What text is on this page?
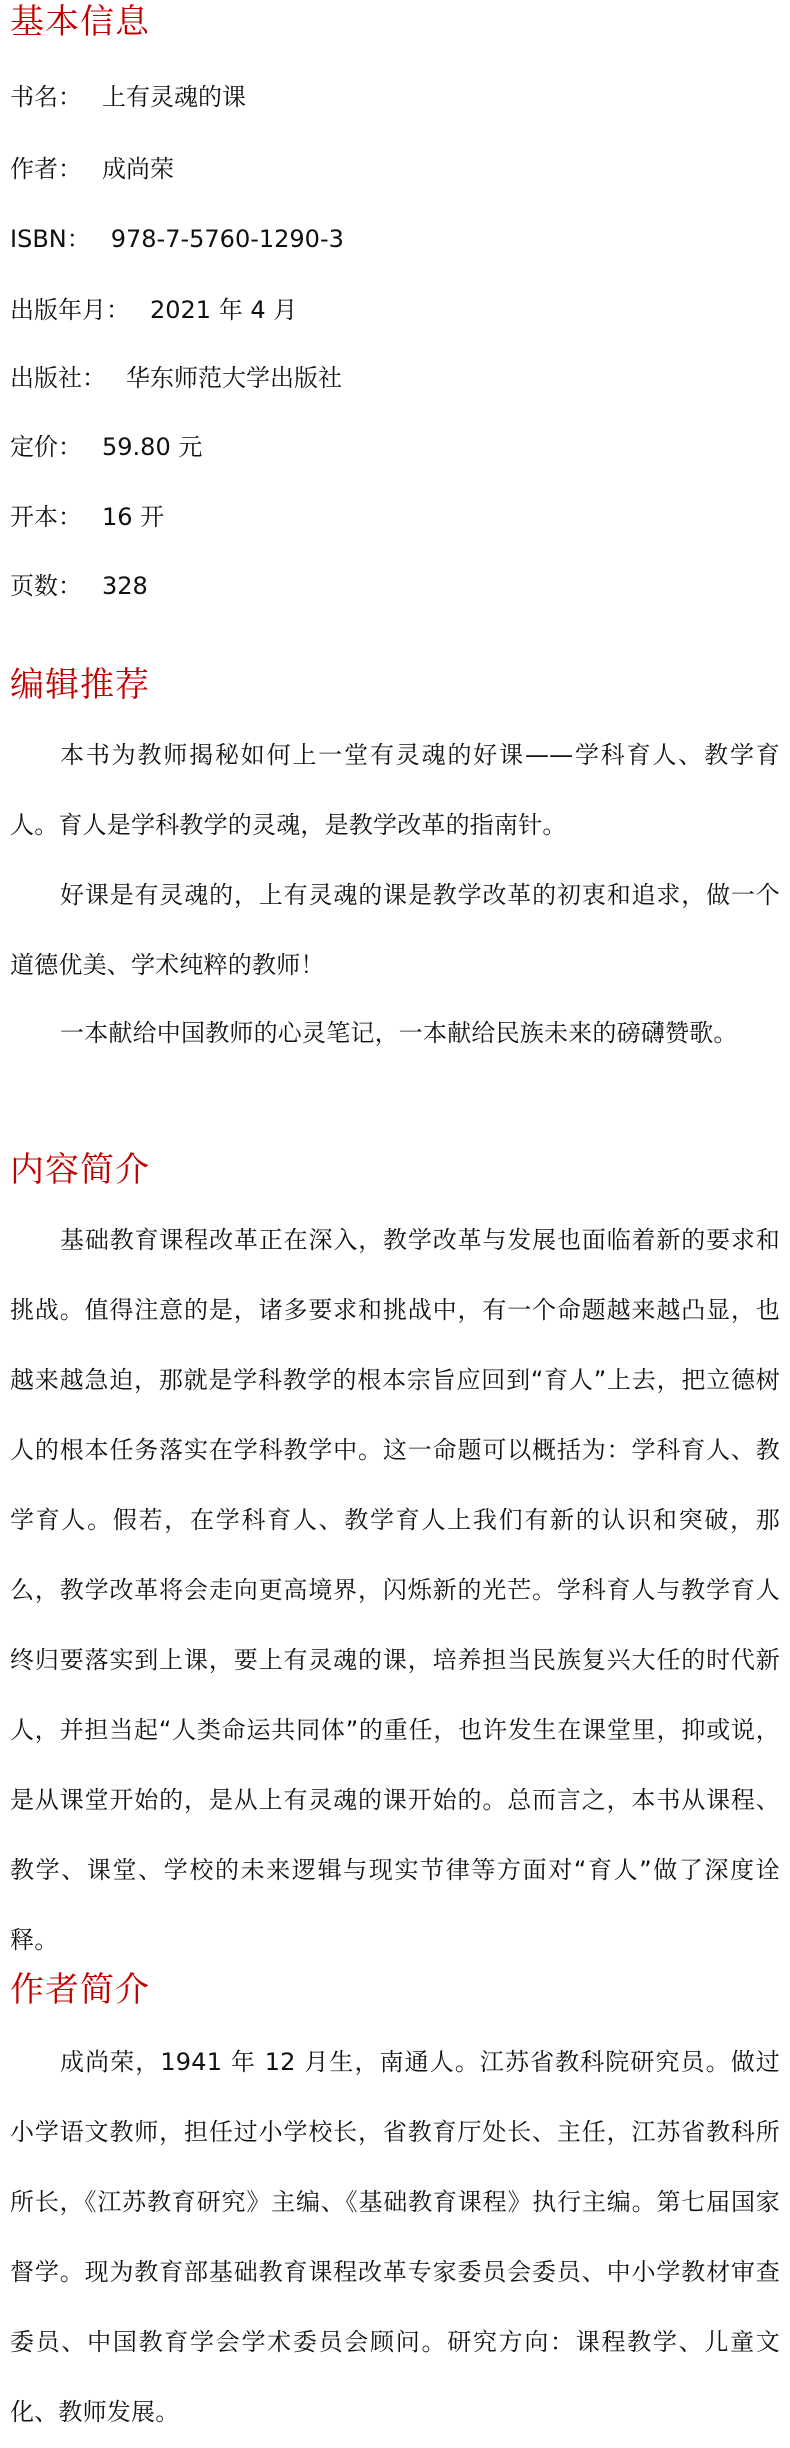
基本信息
书名： 上有灵魂的课
作者： 成尚荣
ISBN： 978-7-5760-1290-3
出版年月： 2021 年 4 月
出版社： 华东师范大学出版社
定价： 59.80 元
开本： 16 开
页数： 328
编辑推荐

本书为教师揭秘如何上一堂有灵魂的好课——学科育人、教学育人。育人是学科教学的灵魂，是教学改革的指南针。

好课是有灵魂的，上有灵魂的课是教学改革的初衷和追求，做一个道德优美、学术纯粹的教师！

一本献给中国教师的心灵笔记，一本献给民族未来的磅礴赞歌。

内容简介

基础教育课程改革正在深入，教学改革与发展也面临着新的要求和挑战。值得注意的是，诸多要求和挑战中，有一个命题越来越凸显，也越来越急迫，那就是学科教学的根本宗旨应回到“育人”上去，把立德树人的根本任务落实在学科教学中。这一命题可以概括为：学科育人、教学育人。假若，在学科育人、教学育人上我们有新的认识和突破，那么，教学改革将会走向更高境界，闪烁新的光芒。学科育人与教学育人终归要落实到上课，要上有灵魂的课，培养担当民族复兴大任的时代新人，并担当起“人类命运共同体”的重任，也许发生在课堂里，抑或说，是从课堂开始的，是从上有灵魂的课开始的。总而言之，本书从课程、教学、课堂、学校的未来逻辑与现实节律等方面对“育人”做了深度诠释。

作者简介

成尚荣，1941 年 12 月生，南通人。江苏省教科院研究员。做过小学语文教师，担任过小学校长，省教育厅处长、主任，江苏省教科所所长，《江苏教育研究》主编、《基础教育课程》执行主编。第七届国家督学。现为教育部基础教育课程改革专家委员会委员、中小学教材审查委员、中国教育学会学术委员会顾问。研究方向：课程教学、儿童文化、教师发展。
